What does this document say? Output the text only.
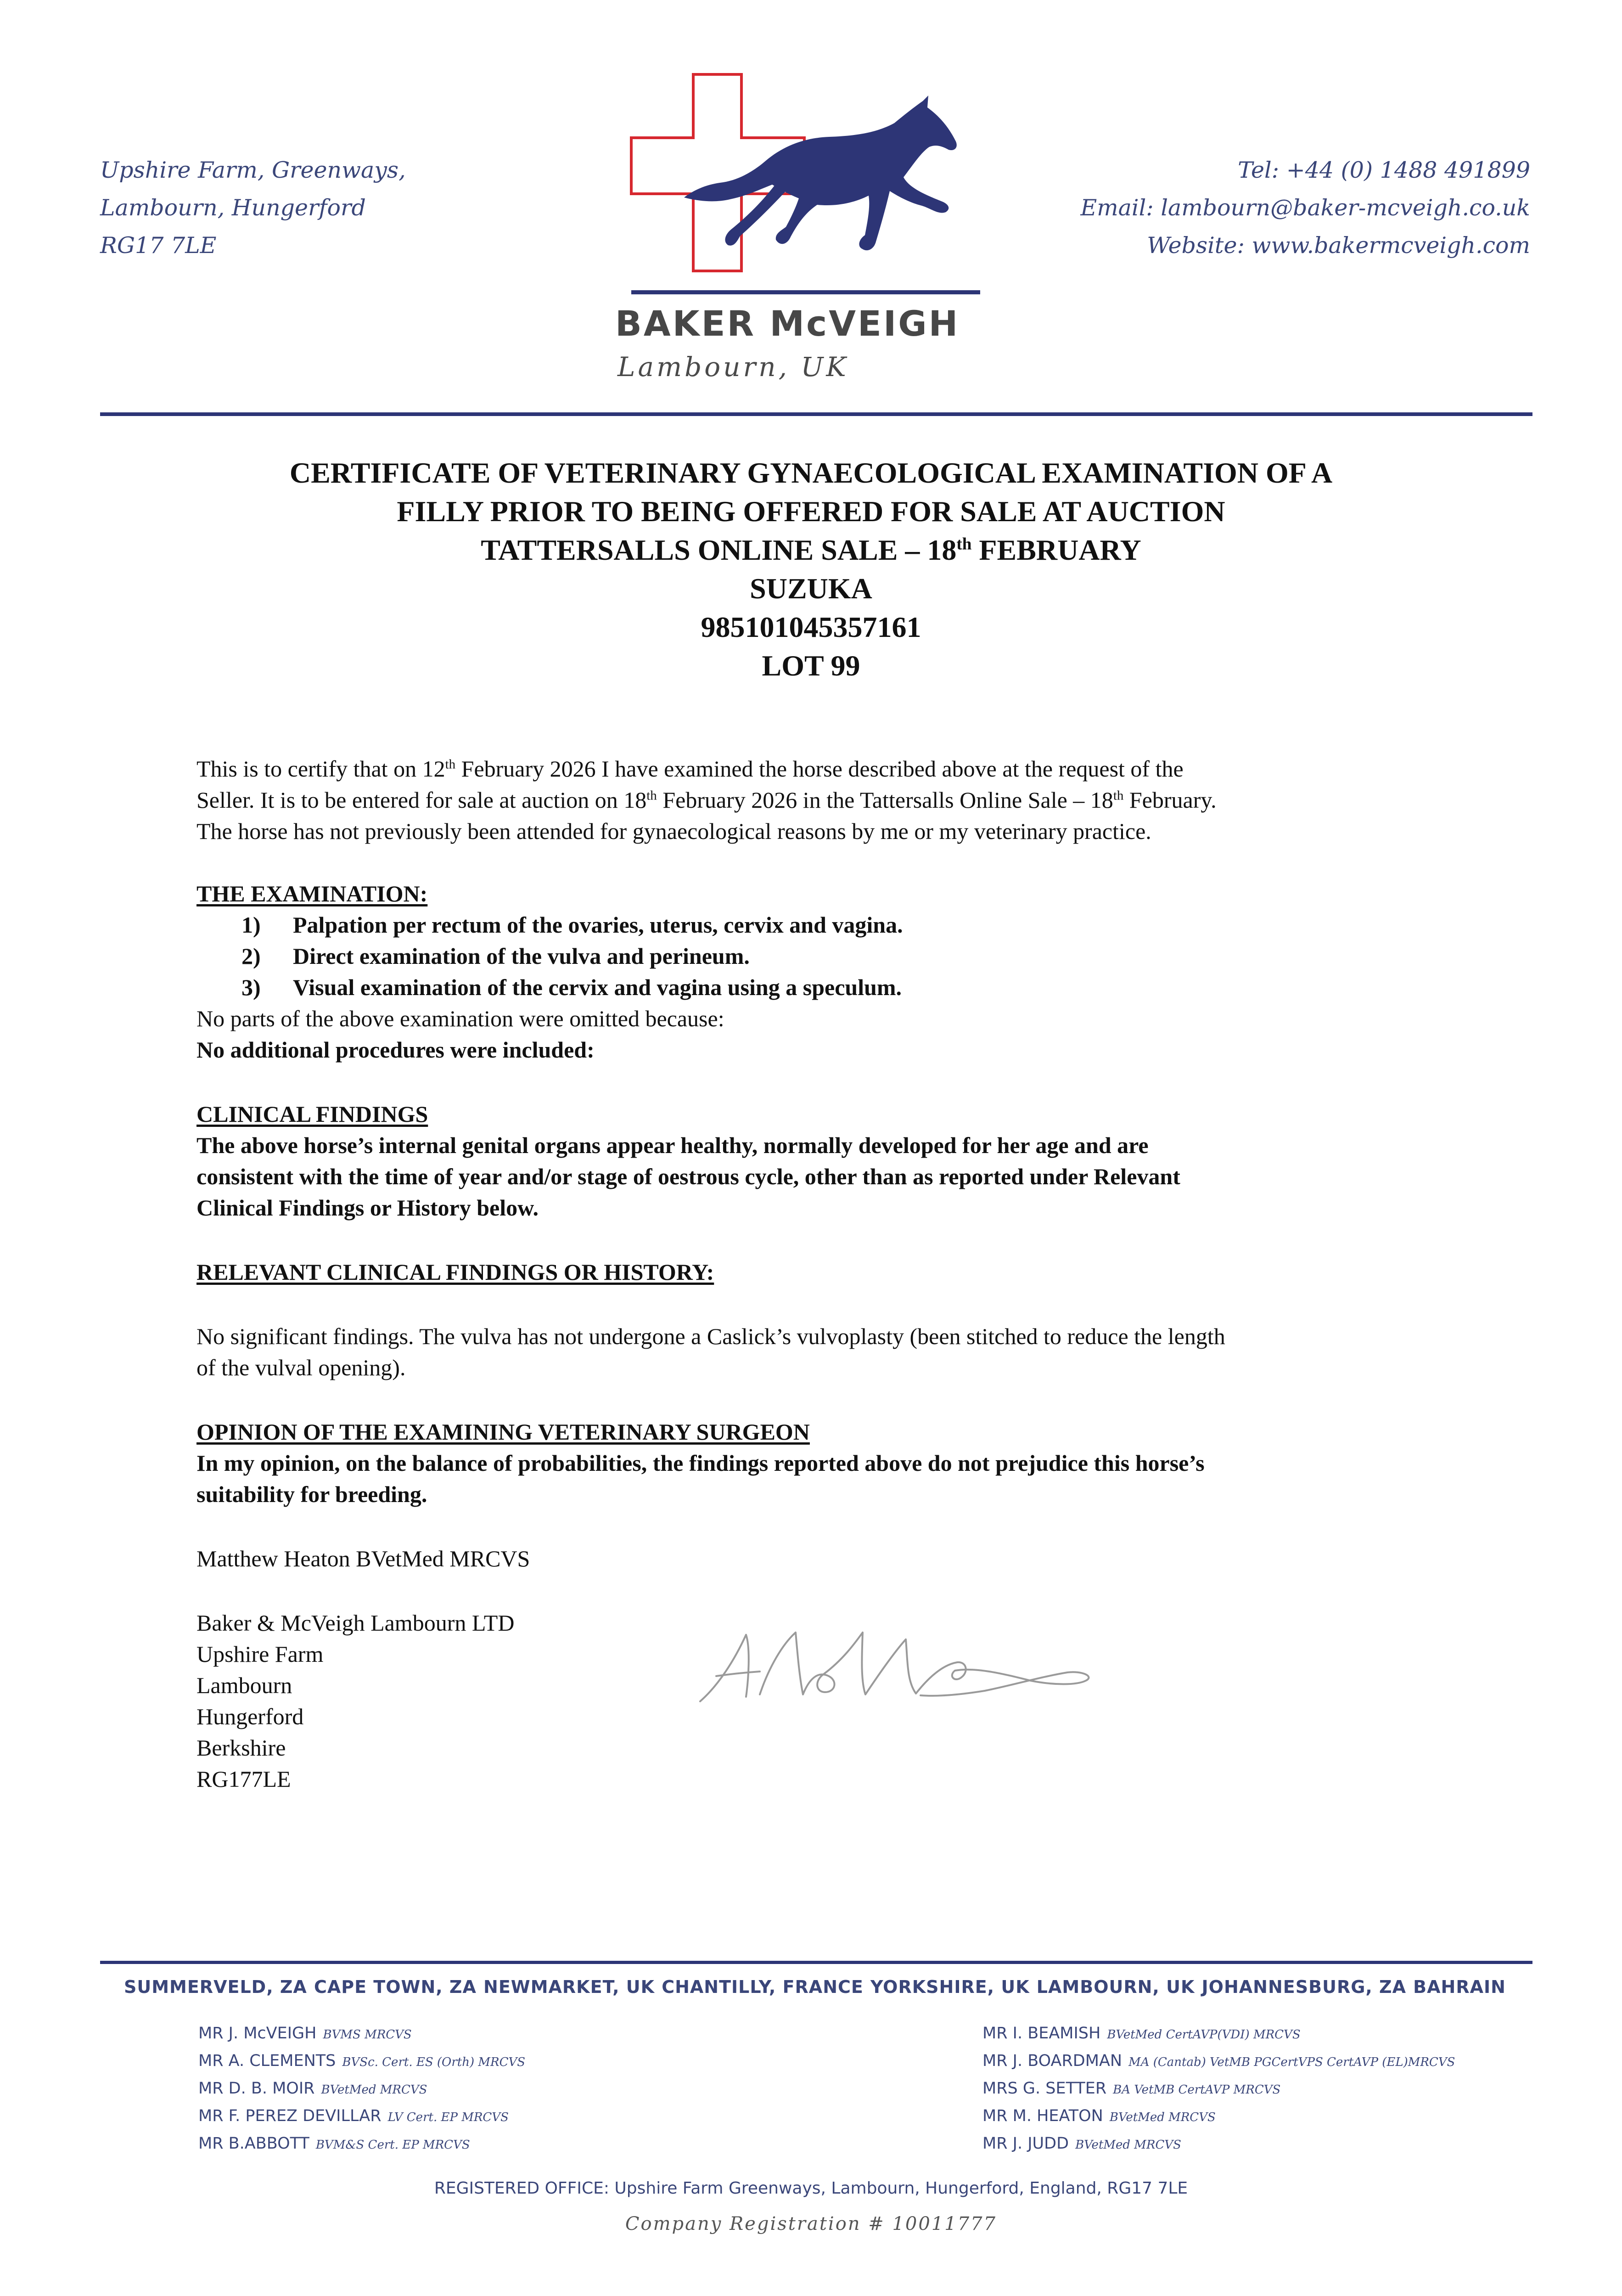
Upshire Farm, Greenways,
Lambourn, Hungerford
RG17 7LE
BAKER McVEIGH
Lambourn, UK
Tel: +44 (0) 1488 491899
Email: lambourn@baker-mcveigh.co.uk
Website: www.bakermcveigh.com
CERTIFICATE OF VETERINARY GYNAECOLOGICAL EXAMINATION OF A
FILLY PRIOR TO BEING OFFERED FOR SALE AT AUCTION
TATTERSALLS ONLINE SALE – 18th FEBRUARY
SUZUKA
985101045357161
LOT 99
This is to certify that on 12th February 2026 I have examined the horse described above at the request of the
Seller. It is to be entered for sale at auction on 18th February 2026 in the Tattersalls Online Sale – 18th February.
The horse has not previously been attended for gynaecological reasons by me or my veterinary practice.
THE EXAMINATION:
1) Palpation per rectum of the ovaries, uterus, cervix and vagina.
2) Direct examination of the vulva and perineum.
3) Visual examination of the cervix and vagina using a speculum.
No parts of the above examination were omitted because:
No additional procedures were included:
CLINICAL FINDINGS
The above horse’s internal genital organs appear healthy, normally developed for her age and are
consistent with the time of year and/or stage of oestrous cycle, other than as reported under Relevant
Clinical Findings or History below.
RELEVANT CLINICAL FINDINGS OR HISTORY:
No significant findings. The vulva has not undergone a Caslick’s vulvoplasty (been stitched to reduce the length
of the vulval opening).
OPINION OF THE EXAMINING VETERINARY SURGEON
In my opinion, on the balance of probabilities, the findings reported above do not prejudice this horse’s
suitability for breeding.
Matthew Heaton BVetMed MRCVS
Baker & McVeigh Lambourn LTD
Upshire Farm
Lambourn
Hungerford
Berkshire
RG177LE
SUMMERVELD, ZA CAPE TOWN, ZA NEWMARKET, UK CHANTILLY, FRANCE YORKSHIRE, UK LAMBOURN, UK JOHANNESBURG, ZA BAHRAIN
MR J. McVEIGH BVMS MRCVS
MR A. CLEMENTS BVSc. Cert. ES (Orth) MRCVS
MR D. B. MOIR BVetMed MRCVS
MR F. PEREZ DEVILLAR LV Cert. EP MRCVS
MR B.ABBOTT BVM&S Cert. EP MRCVS
MR I. BEAMISH BVetMed CertAVP(VDI) MRCVS
MR J. BOARDMAN MA (Cantab) VetMB PGCertVPS CertAVP (EL)MRCVS
MRS G. SETTER BA VetMB CertAVP MRCVS
MR M. HEATON BVetMed MRCVS
MR J. JUDD BVetMed MRCVS
REGISTERED OFFICE: Upshire Farm Greenways, Lambourn, Hungerford, England, RG17 7LE
Company Registration # 10011777
